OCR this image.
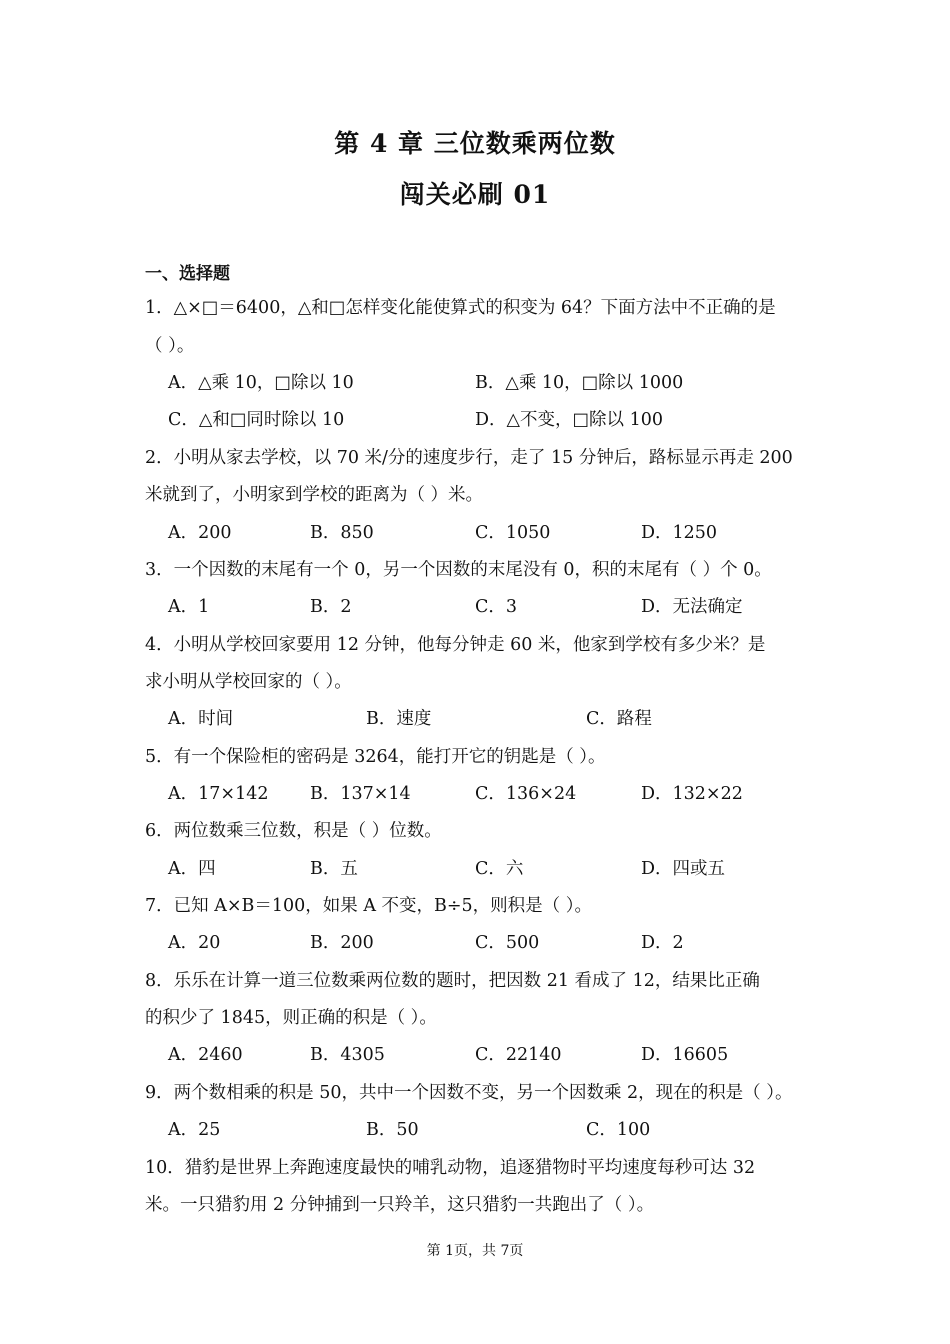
第 4 章 三位数乘两位数
闯关必刷 01
一、选择题
1．△×□＝6400，△和□怎样变化能使算式的积变为 64？下面方法中不正确的是
（ ）。
A．△乘 10，□除以 10	B．△乘 10，□除以 1000
C．△和□同时除以 10	D．△不变，□除以 100
2．小明从家去学校，以 70 米/分的速度步行，走了 15 分钟后，路标显示再走 200
米就到了，小明家到学校的距离为（ ）米。
A．200	B．850	C．1050	D．1250
3．一个因数的末尾有一个 0，另一个因数的末尾没有 0，积的末尾有（ ）个 0。
A．1	B．2	C．3	D．无法确定
4．小明从学校回家要用 12 分钟，他每分钟走 60 米，他家到学校有多少米？是
求小明从学校回家的（ ）。
A．时间	B．速度	C．路程
5．有一个保险柜的密码是 3264，能打开它的钥匙是（ ）。
A．17×142 B．137×14	C．136×24	D．132×22
6．两位数乘三位数，积是（ ）位数。
A．四	B．五	C．六	D．四或五
7．已知 A×B＝100，如果 A 不变，B÷5，则积是（ ）。
A．20	B．200	C．500	D．2
8．乐乐在计算一道三位数乘两位数的题时，把因数 21 看成了 12，结果比正确
的积少了 1845，则正确的积是（ ）。
A．2460	B．4305	C．22140	D．16605
9．两个数相乘的积是 50，共中一个因数不变，另一个因数乘 2，现在的积是（ ）。
A．25	B．50	C．100
10．猎豹是世界上奔跑速度最快的哺乳动物，追逐猎物时平均速度每秒可达 32
米。一只猎豹用 2 分钟捕到一只羚羊，这只猎豹一共跑出了（ ）。
第 1页，共 7页
